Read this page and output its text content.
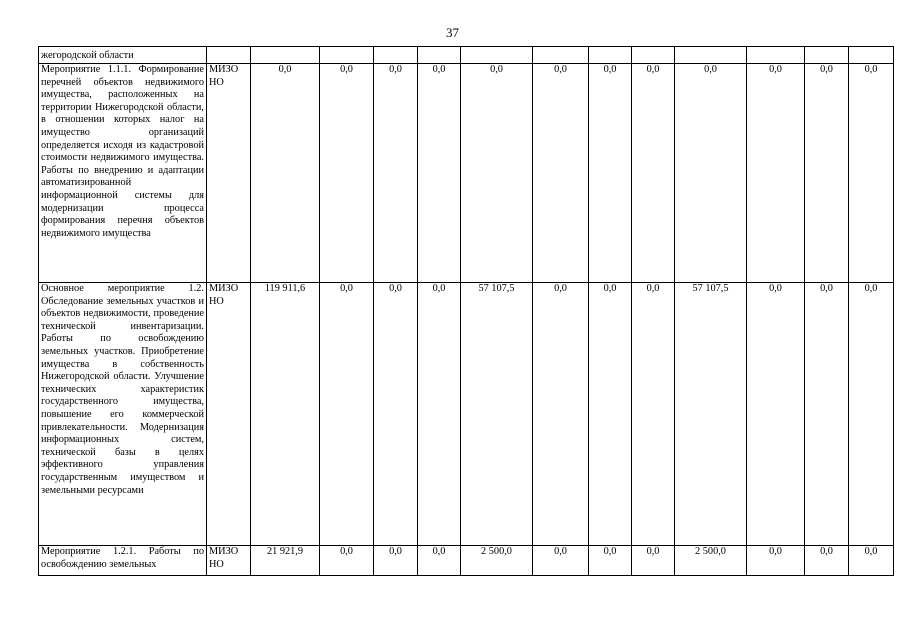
37
жегородской области													
Мероприятие 1.1.1. Формирование перечней объектов недвижимого имущества, расположенных на территории Нижегородской области, в отношении которых налог на имущество организаций определяется исходя из кадастровой стоимости недвижимого имущества. Работы по внедрению и адаптации автоматизированной информационной системы для модернизации процесса формирования перечня объектов недвижимого имущества	МИЗО НО	0,0	0,0	0,0	0,0	0,0	0,0	0,0	0,0	0,0	0,0	0,0	0,0
Основное мероприятие 1.2. Обследование земельных участков и объектов недвижимости, проведение технической инвентаризации. Работы по освобождению земельных участков. Приобретение имущества в собственность Нижегородской области. Улучшение технических характеристик государственного имущества, повышение его коммерческой привлекательности. Модернизация информационных систем, технической базы в целях эффективного управления государственным имуществом и земельными ресурсами	МИЗО НО	119 911,6	0,0	0,0	0,0	57 107,5	0,0	0,0	0,0	57 107,5	0,0	0,0	0,0
Мероприятие 1.2.1. Работы по освобождению земельных	МИЗО НО	21 921,9	0,0	0,0	0,0	2 500,0	0,0	0,0	0,0	2 500,0	0,0	0,0	0,0
